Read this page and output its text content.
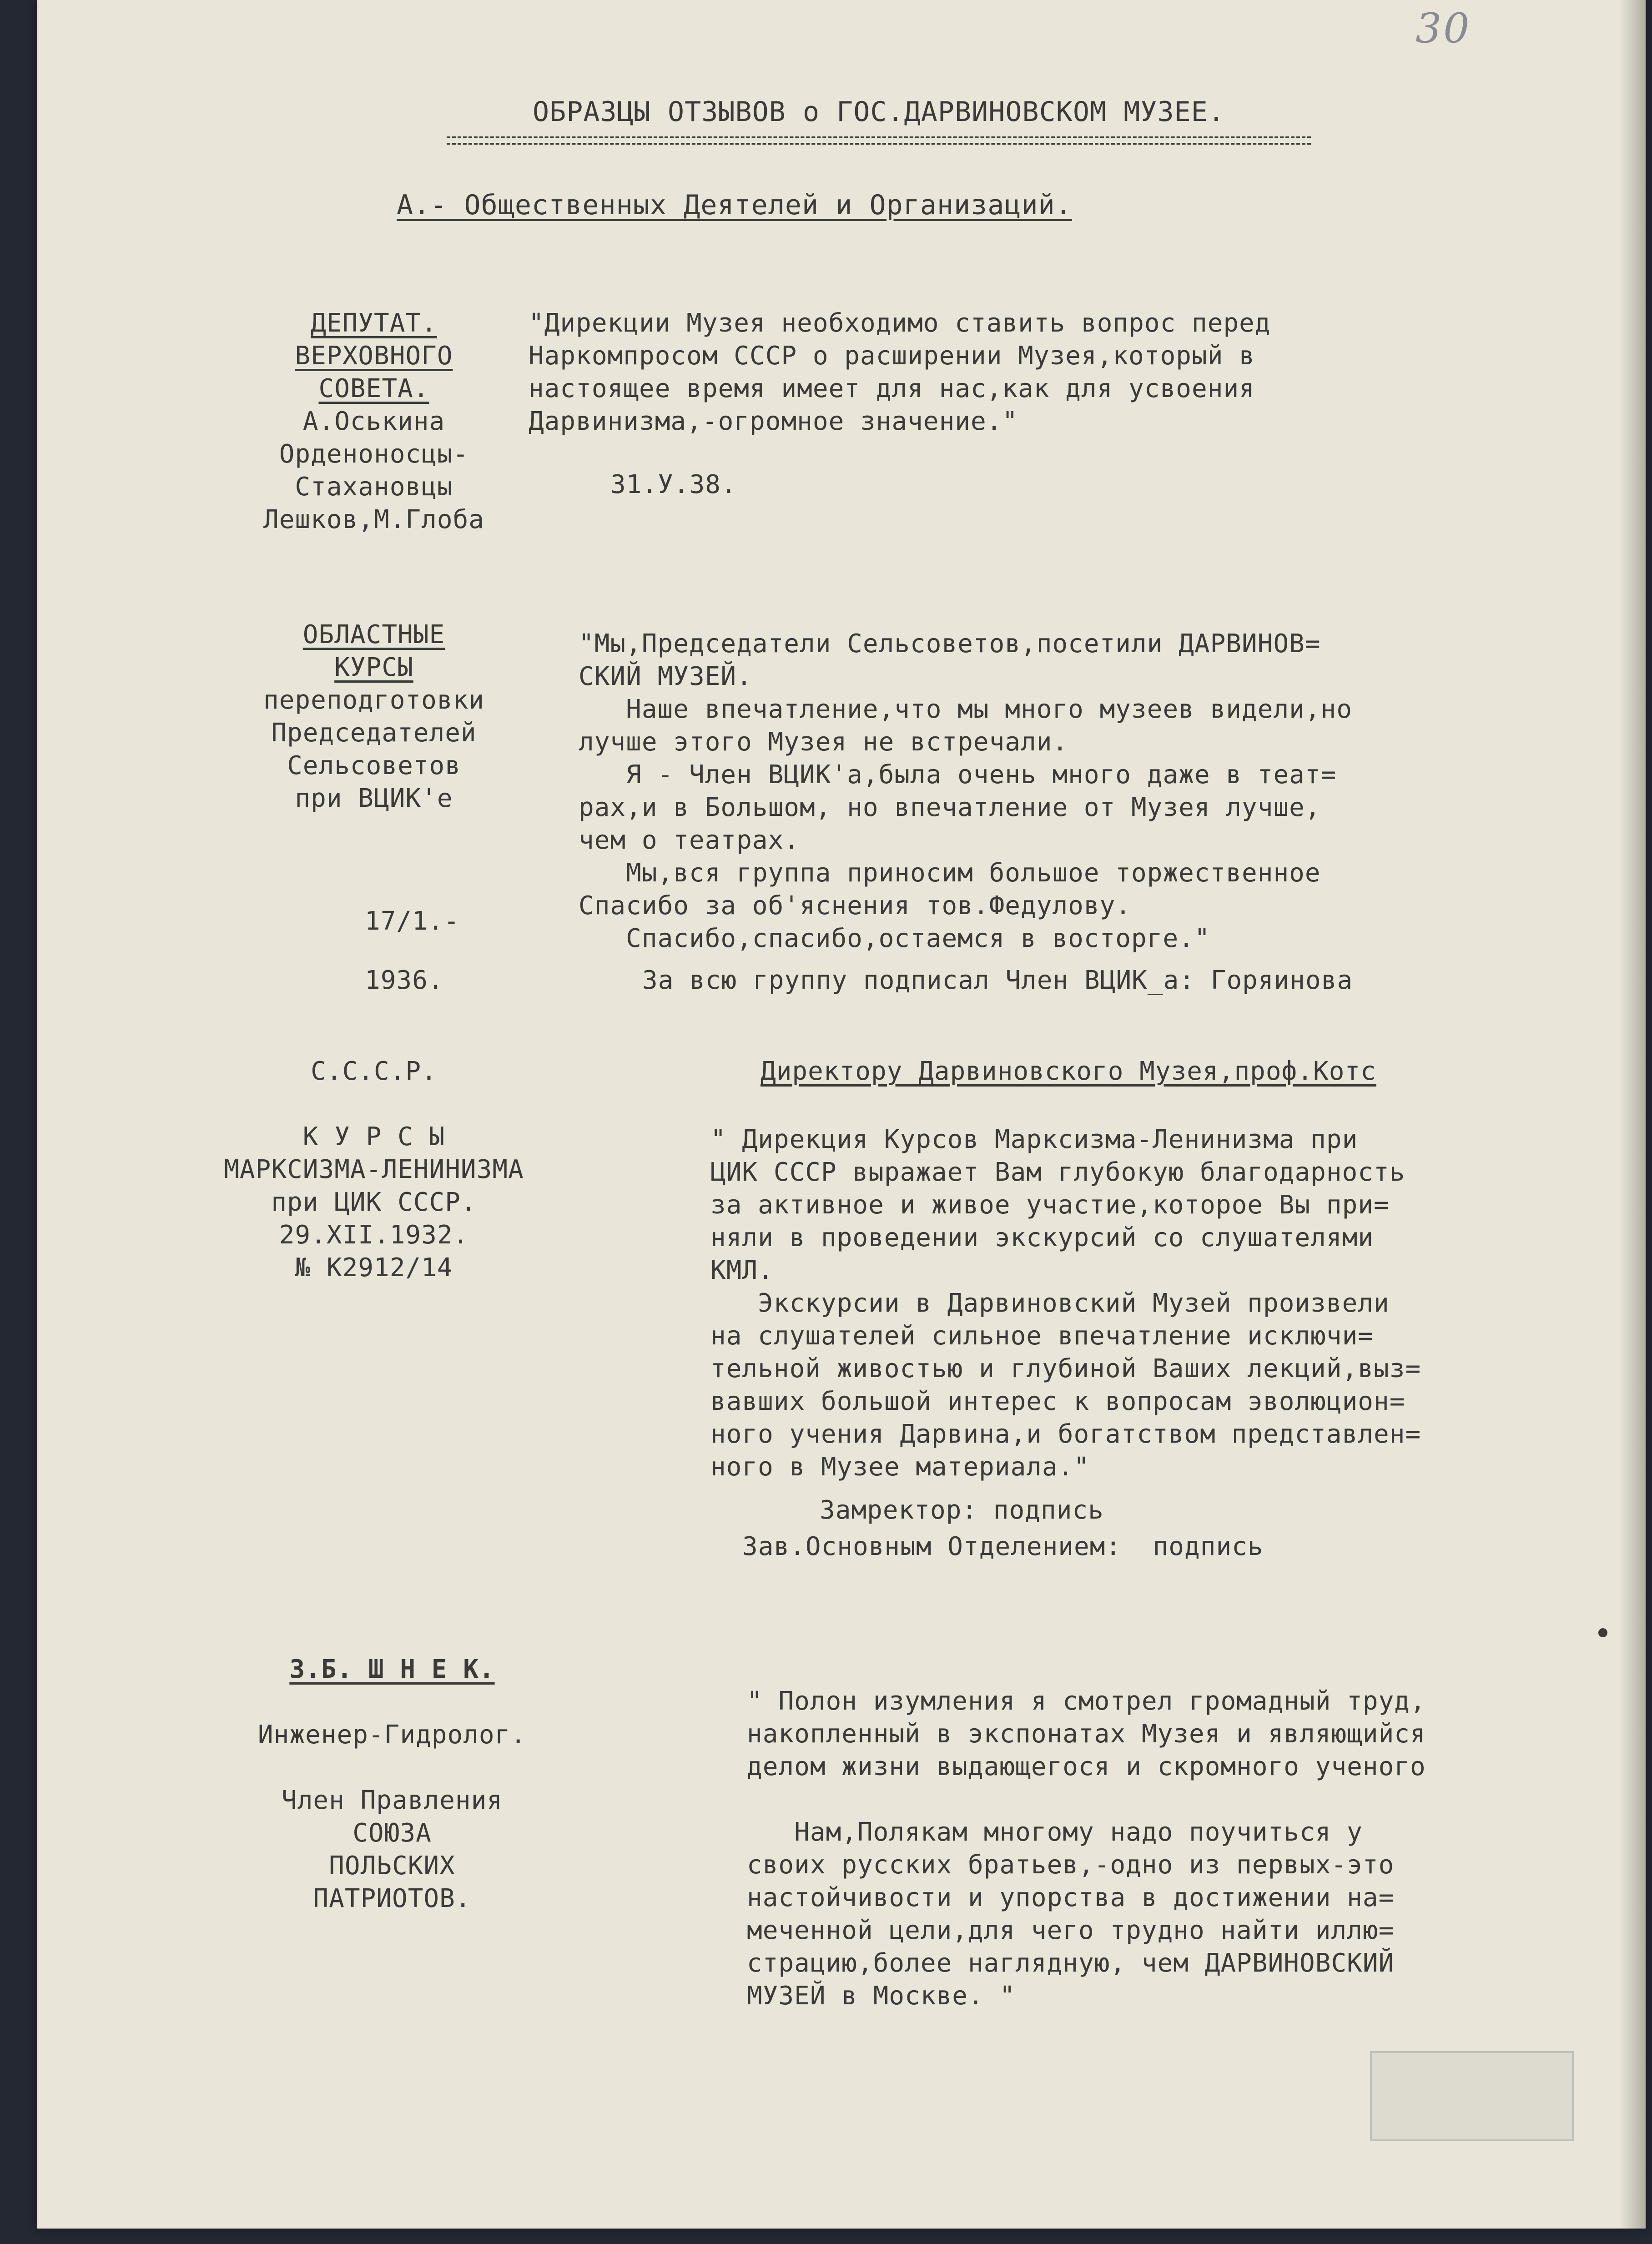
30
ОБРАЗЦЫ ОТЗЫВОВ о ГОС.ДАРВИНОВСКОМ МУЗЕЕ.
А.- Общественных Деятелей и Организаций.
ДЕПУТАТ.
ВЕРХОВНОГО
СОВЕТА.
А.Оськина
Орденоносцы-
Стахановцы
Лешков,М.Глоба
"Дирекции Музея необходимо ставить вопрос перед
Наркомпросом СССР о расширении Музея,который в
настоящее время имеет для нас,как для усвоения
Дарвинизма,-огромное значение."
31.У.38.
ОБЛАСТНЫЕ
КУРСЫ
переподготовки
Председателей
Сельсоветов
при ВЦИК'е
17/1.-
1936.
"Мы,Председатели Сельсоветов,посетили ДАРВИНОВ=
СКИЙ МУЗЕЙ.
Наше впечатление,что мы много музеев видели,но
лучше этого Музея не встречали.
Я - Член ВЦИК'а,была очень много даже в теат=
рах,и в Большом, но впечатление от Музея лучше,
чем о театрах.
Мы,вся группа приносим большое торжественное
Спасибо за об'яснения тов.Федулову.
Спасибо,спасибо,остаемся в восторге."
За всю группу подписал Член ВЦИК_а: Горяинова
С.С.С.Р.
К У Р С Ы
МАРКСИЗМА-ЛЕНИНИЗМА
при ЦИК СССР.
29.XII.1932.
№ К2912/14
Директору Дарвиновского Музея,проф.Котс
" Дирекция Курсов Марксизма-Ленинизма при
ЦИК СССР выражает Вам глубокую благодарность
за активное и живое участие,которое Вы при=
няли в проведении экскурсий со слушателями
КМЛ.
Экскурсии в Дарвиновский Музей произвели
на слушателей сильное впечатление исключи=
тельной живостью и глубиной Ваших лекций,выз=
вавших большой интерес к вопросам эволюцион=
ного учения Дарвина,и богатством представлен=
ного в Музее материала."
Замректор: подпись
Зав.Основным Отделением:  подпись
З.Б. Ш Н Е К.
Инженер-Гидролог.
Член Правления
СОЮЗА
ПОЛЬСКИХ
ПАТРИОТОВ.
" Полон изумления я смотрел громадный труд,
накопленный в экспонатах Музея и являющийся
делом жизни выдающегося и скромного ученого
Нам,Полякам многому надо поучиться у
своих русских братьев,-одно из первых-это
настойчивости и упорства в достижении на=
меченной цели,для чего трудно найти иллю=
страцию,более наглядную, чем ДАРВИНОВСКИЙ
МУЗЕЙ в Москве. "
